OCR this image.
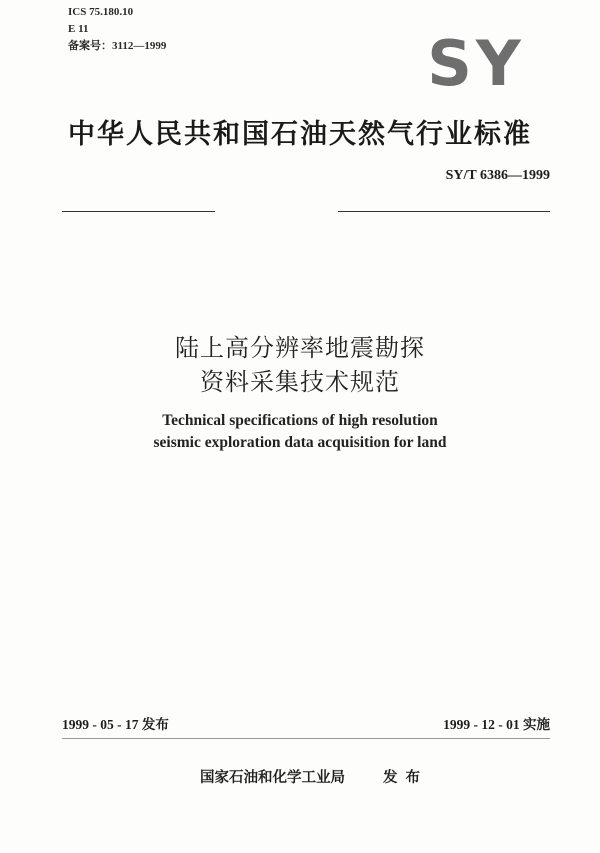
ICS 75.180.10
E 11
备案号：3112—1999	SY
中华人民共和国石油天然气行业标准
SY/T 6386—1999
陆上高分辨率地震勘探
资料采集技术规范
Technical specifications of high resolution
seismic exploration data acquisition for land
1999 - 05 - 17 发布	1999 - 12 - 01 实施
国家石油和化学工业局	发布
